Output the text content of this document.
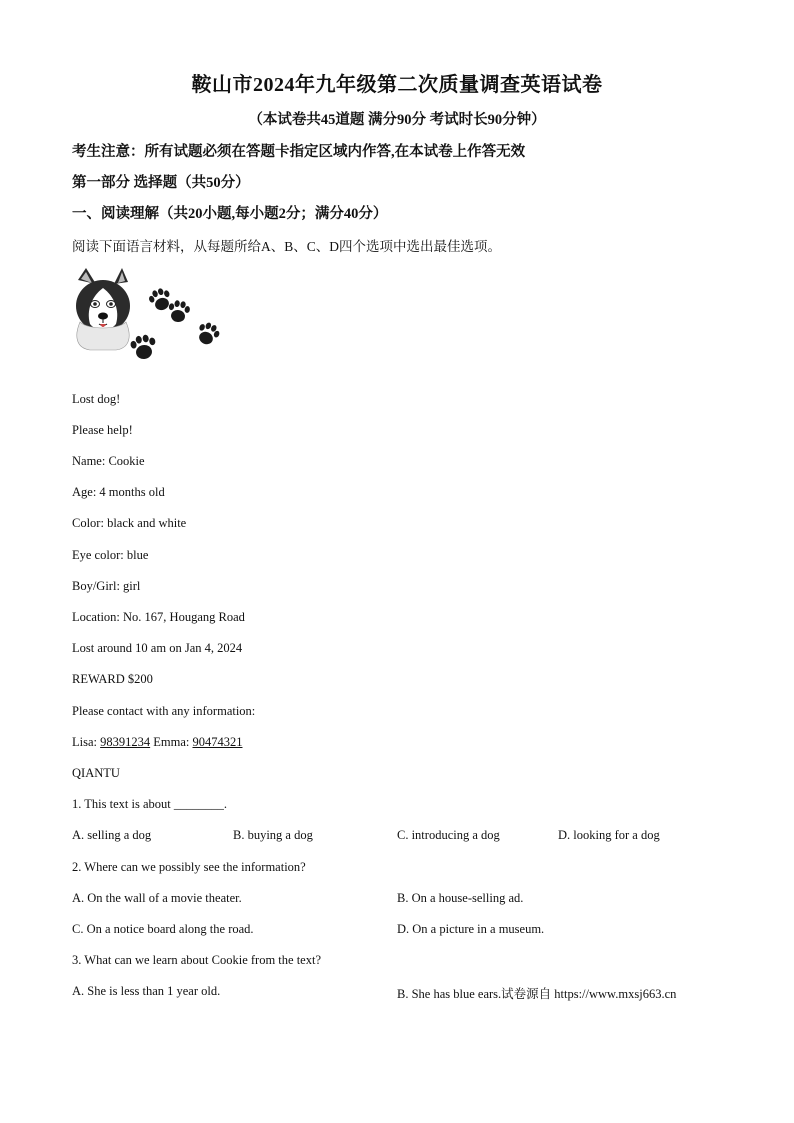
鞍山市2024年九年级第二次质量调查英语试卷
（本试卷共45道题 满分90分 考试时长90分钟）
考生注意：所有试题必须在答题卡指定区域内作答,在本试卷上作答无效
第一部分 选择题（共50分）
一、阅读理解（共20小题,每小题2分；满分40分）
阅读下面语言材料，从每题所给A、B、C、D四个选项中选出最佳选项。
Lost dog!
Please help!
Name: Cookie
Age: 4 months old
Color: black and white
Eye color: blue
Boy/Girl: girl
Location: No. 167, Hougang Road
Lost around 10 am on Jan 4, 2024
REWARD $200
Please contact with any information:
Lisa: 98391234 Emma: 90474321
QIANTU
1. This text is about ________.
A. selling a dog	B. buying a dog	C. introducing a dog	D. looking for a dog
2. Where can we possibly see the information?
A. On the wall of a movie theater.	B. On a house-selling ad.
C. On a notice board along the road.	D. On a picture in a museum.
3. What can we learn about Cookie from the text?
A. She is less than 1 year old.	B. She has blue ears.试卷源自 https://www.mxsj663.cn
